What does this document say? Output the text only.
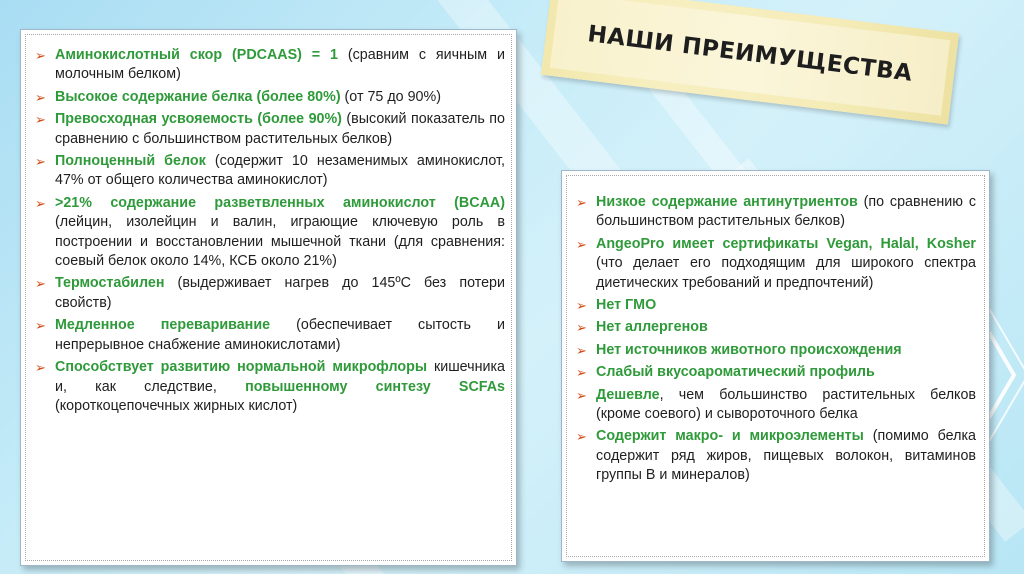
НАШИ ПРЕИМУЩЕСТВА
➢ Аминокислотный скор (PDCAAS) = 1 (сравним с яичным и молочным белком)
➢ Высокое содержание белка (более 80%) (от 75 до 90%)
➢ Превосходная усвояемость (более 90%) (высокий показатель по сравнению с большинством растительных белков)
➢ Полноценный белок (содержит 10 незаменимых аминокислот, 47% от общего количества аминокислот)
➢ >21% содержание разветвленных аминокислот (BCAA) (лейцин, изолейцин и валин, играющие ключевую роль в построении и восстановлении мышечной ткани (для сравнения: соевый белок около 14%, КСБ около 21%)
➢ Термостабилен (выдерживает нагрев до 145ºС без потери свойств)
➢ Медленное переваривание (обеспечивает сытость и непрерывное снабжение аминокислотами)
➢ Способствует развитию нормальной микрофлоры кишечника и, как следствие, повышенному синтезу SCFAs (короткоцепочечных жирных кислот)
➢ Низкое содержание антинутриентов (по сравнению с большинством растительных белков)
➢ AngeoPro имеет сертификаты Vegan, Halal, Kosher (что делает его подходящим для широкого спектра диетических требований и предпочтений)
➢ Нет ГМО
➢ Нет аллергенов
➢ Нет источников животного происхождения
➢ Слабый вкусоароматический профиль
➢ Дешевле, чем большинство растительных белков (кроме соевого) и сывороточного белка
➢ Содержит макро- и микроэлементы (помимо белка содержит ряд жиров, пищевых волокон, витаминов группы B и минералов)
